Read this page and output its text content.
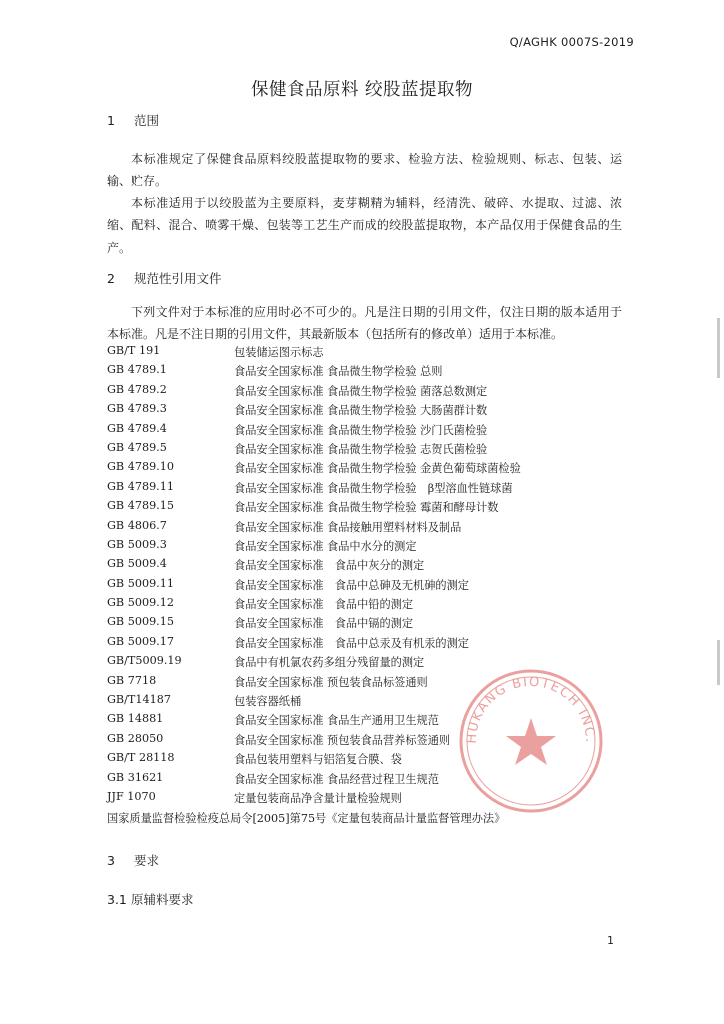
Q/AGHK 0007S-2019
保健食品原料 绞股蓝提取物
1 范围
本标准规定了保健食品原料绞股蓝提取物的要求、检验方法、检验规则、标志、包装、运输、贮存。
本标准适用于以绞股蓝为主要原料，麦芽糊精为辅料，经清洗、破碎、水提取、过滤、浓缩、配料、混合、喷雾干燥、包装等工艺生产而成的绞股蓝提取物，本产品仅用于保健食品的生产。
2 规范性引用文件
下列文件对于本标准的应用时必不可少的。凡是注日期的引用文件，仅注日期的版本适用于本标准。凡是不注日期的引用文件，其最新版本（包括所有的修改单）适用于本标准。
GB/T 191	包装储运图示标志
GB 4789.1	食品安全国家标准 食品微生物学检验 总则
GB 4789.2	食品安全国家标准 食品微生物学检验 菌落总数测定
GB 4789.3	食品安全国家标准 食品微生物学检验 大肠菌群计数
GB 4789.4	食品安全国家标准 食品微生物学检验 沙门氏菌检验
GB 4789.5	食品安全国家标准 食品微生物学检验 志贺氏菌检验
GB 4789.10	食品安全国家标准 食品微生物学检验 金黄色葡萄球菌检验
GB 4789.11	食品安全国家标准 食品微生物学检验　β型溶血性链球菌
GB 4789.15	食品安全国家标准 食品微生物学检验 霉菌和酵母计数
GB 4806.7	食品安全国家标准 食品接触用塑料材料及制品
GB 5009.3	食品安全国家标准 食品中水分的测定
GB 5009.4	食品安全国家标准　食品中灰分的测定
GB 5009.11	食品安全国家标准　食品中总砷及无机砷的测定
GB 5009.12	食品安全国家标准　食品中铅的测定
GB 5009.15	食品安全国家标准　食品中镉的测定
GB 5009.17	食品安全国家标准　食品中总汞及有机汞的测定
GB/T5009.19	食品中有机氯农药多组分残留量的测定
GB 7718	食品安全国家标准 预包装食品标签通则
GB/T14187	包装容器纸桶
GB 14881	食品安全国家标准 食品生产通用卫生规范
GB 28050	食品安全国家标准 预包装食品营养标签通则
GB/T 28118	食品包装用塑料与铝箔复合膜、袋
GB 31621	食品安全国家标准 食品经营过程卫生规范
JJF 1070	定量包装商品净含量计量检验规则
国家质量监督检验检疫总局令[2005]第75号《定量包装商品计量监督管理办法》
3 要求
3.1 原辅料要求
HUKANG BIOTECH INC.
1
